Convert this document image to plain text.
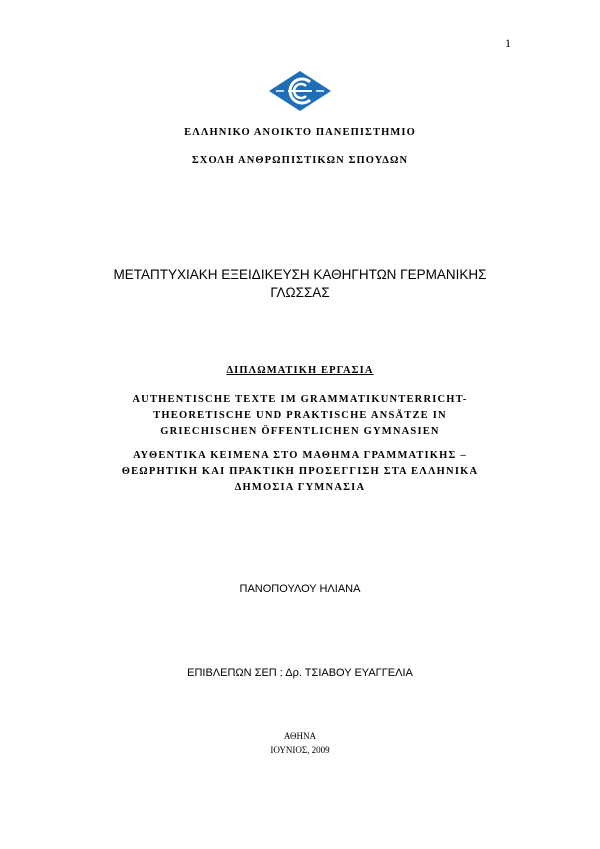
1
ΕΛΛΗΝΙΚΟ ΑΝΟΙΚΤΟ ΠΑΝΕΠΙΣΤΗΜΙΟ
ΣΧΟΛΗ ΑΝΘΡΩΠΙΣΤΙΚΩΝ ΣΠΟΥΔΩΝ
ΜΕΤΑΠΤΥΧΙΑΚΗ ΕΞΕΙΔΙΚΕΥΣΗ ΚΑΘΗΓΗΤΩΝ ΓΕΡΜΑΝΙΚΗΣ
ΓΛΩΣΣΑΣ
ΔΙΠΛΩΜΑΤΙΚΗ ΕΡΓΑΣΙΑ
AUTHENTISCHE TEXTE IM GRAMMATIKUNTERRICHT-
THEORETISCHE UND PRAKTISCHE ANSÄTZE IN
GRIECHISCHEN ÖFFENTLICHEN GYMNASIEN
ΑΥΘΕΝΤΙΚΑ ΚΕΙΜΕΝΑ ΣΤΟ ΜΑΘΗΜΑ ΓΡΑΜΜΑΤΙΚΗΣ –
ΘΕΩΡΗΤΙΚΗ ΚΑΙ ΠΡΑΚΤΙΚΗ ΠΡΟΣΕΓΓΙΣΗ ΣΤΑ ΕΛΛΗΝΙΚΑ
ΔΗΜΟΣΙΑ ΓΥΜΝΑΣΙΑ
ΠΑΝΟΠΟΥΛΟΥ ΗΛΙΑΝΑ
ΕΠΙΒΛΕΠΩΝ ΣΕΠ : Δρ. ΤΣΙΑΒΟΥ ΕΥΑΓΓΕΛΙΑ
ΑΘΗΝΑ
ΙΟΥΝΙΟΣ, 2009
